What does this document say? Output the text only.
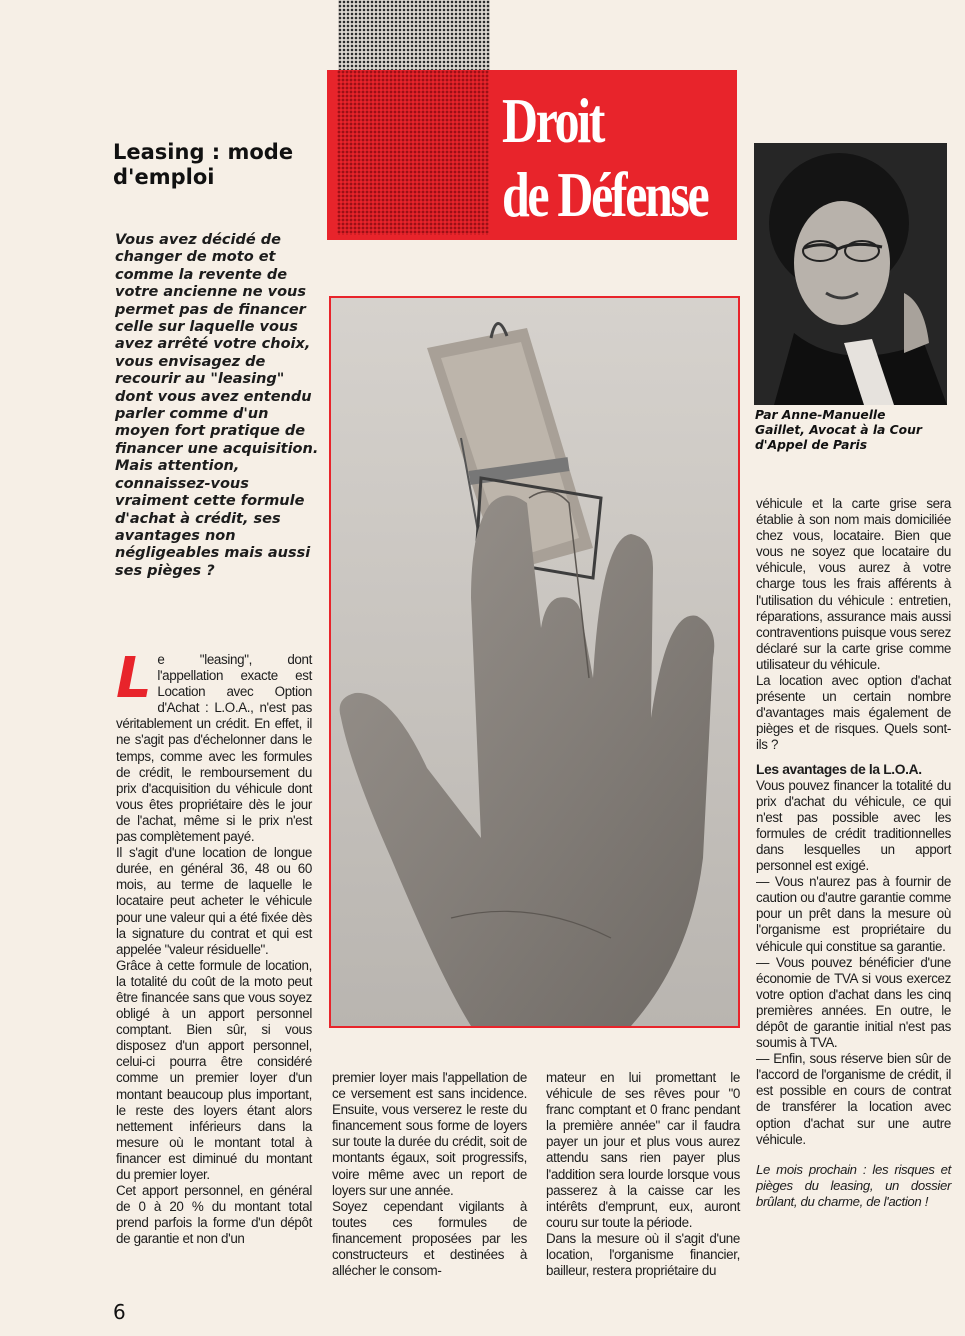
Droit
de Défense
Leasing : mode
d'emploi
Vous avez décidé de changer de moto et comme la revente de votre ancienne ne vous permet pas de financer celle sur laquelle vous avez arrêté votre choix, vous envisagez de recourir au "leasing" dont vous avez entendu parler comme d'un moyen fort pratique de financer une acquisition. Mais attention, connaissez-vous vraiment cette formule d'achat à crédit, ses avantages non négligeables mais aussi ses pièges ?
Par Anne-Manuelle
Gaillet, Avocat à la Cour
d'Appel de Paris

Le "leasing", dont l'appellation exacte est Location avec Option d'Achat : L.O.A., n'est pas véritablement un crédit. En effet, il ne s'agit pas d'échelonner dans le temps, comme avec les formules de crédit, le remboursement du prix d'acquisition du véhicule dont vous êtes propriétaire dès le jour de l'achat, même si le prix n'est pas complètement payé.

Il s'agit d'une location de longue durée, en général 36, 48 ou 60 mois, au terme de laquelle le locataire peut acheter le véhicule pour une valeur qui a été fixée dès la signature du contrat et qui est appelée "valeur résiduelle".

Grâce à cette formule de location, la totalité du coût de la moto peut être financée sans que vous soyez obligé à un apport personnel comptant. Bien sûr, si vous disposez d'un apport personnel, celui-ci pourra être considéré comme un premier loyer d'un montant beaucoup plus important, le reste des loyers étant alors nettement inférieurs dans la mesure où le montant total à financer est diminué du montant du premier loyer.

Cet apport personnel, en général de 0 à 20 % du montant total prend parfois la forme d'un dépôt de garantie et non d'un

premier loyer mais l'appellation de ce versement est sans incidence. Ensuite, vous verserez le reste du financement sous forme de loyers sur toute la durée du crédit, soit de montants égaux, soit progressifs, voire même avec un report de loyers sur une année.

Soyez cependant vigilants à toutes ces formules de financement proposées par les constructeurs et destinées à allécher le consom-

mateur en lui promettant le véhicule de ses rêves pour "0 franc comptant et 0 franc pendant la première année" car il faudra payer un jour et plus vous aurez attendu sans rien payer plus l'addition sera lourde lorsque vous passerez à la caisse car les intérêts d'emprunt, eux, auront couru sur toute la période.

Dans la mesure où il s'agit d'une location, l'organisme financier, bailleur, restera propriétaire du

véhicule et la carte grise sera établie à son nom mais domiciliée chez vous, locataire. Bien que vous ne soyez que locataire du véhicule, vous aurez à votre charge tous les frais afférents à l'utilisation du véhicule : entretien, réparations, assurance mais aussi contraventions puisque vous serez déclaré sur la carte grise comme utilisateur du véhicule.

La location avec option d'achat présente un certain nombre d'avantages mais également de pièges et de risques. Quels sont-ils ?

Les avantages de la L.O.A.

Vous pouvez financer la totalité du prix d'achat du véhicule, ce qui n'est pas possible avec les formules de crédit traditionnelles dans lesquelles un apport personnel est exigé.

— Vous n'aurez pas à fournir de caution ou d'autre garantie comme pour un prêt dans la mesure où l'organisme est propriétaire du véhicule qui constitue sa garantie.

— Vous pouvez bénéficier d'une économie de TVA si vous exercez votre option d'achat dans les cinq premières années. En outre, le dépôt de garantie initial n'est pas soumis à TVA.

— Enfin, sous réserve bien sûr de l'accord de l'organisme de crédit, il est possible en cours de contrat de transférer la location avec option d'achat sur une autre véhicule.

Le mois prochain : les risques et pièges du leasing, un dossier brûlant, du charme, de l'action !

6
